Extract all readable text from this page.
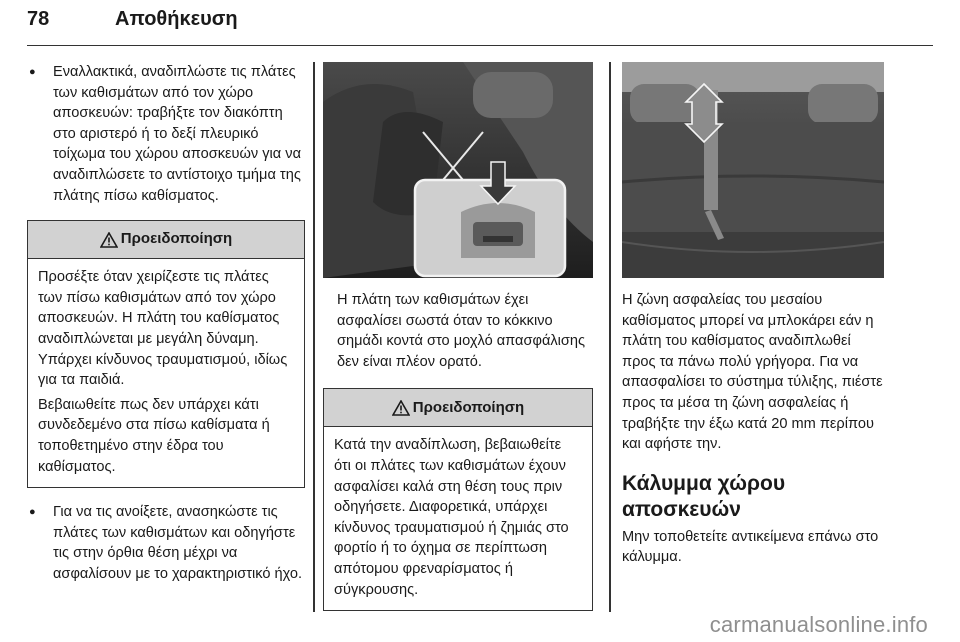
78	Αποθήκευση

● Εναλλακτικά, αναδιπλώστε τις πλάτες των καθισμάτων από τον χώρο αποσκευών: τραβήξτε τον διακόπτη στο αριστερό ή το δεξί πλευρικό τοίχωμα του χώρου αποσκευών για να αναδιπλώσετε το αντίστοιχο τμήμα της πλάτης πίσω καθίσματος.

Προειδοποίηση

Προσέξτε όταν χειρίζεστε τις πλάτες των πίσω καθισμάτων από τον χώρο αποσκευών. Η πλάτη του καθίσματος αναδιπλώνεται με μεγάλη δύναμη. Υπάρχει κίνδυνος τραυματισμού, ιδίως για τα παιδιά.

Βεβαιωθείτε πως δεν υπάρχει κάτι συνδεδεμένο στα πίσω καθίσματα ή τοποθετημένο στην έδρα του καθίσματος.

● Για να τις ανοίξετε, ανασηκώστε τις πλάτες των καθισμάτων και οδηγήστε τις στην όρθια θέση μέχρι να ασφαλίσουν με το χαρακτηριστικό ήχο.

Η πλάτη των καθισμάτων έχει ασφαλίσει σωστά όταν το κόκκινο σημάδι κοντά στο μοχλό απασφάλισης δεν είναι πλέον ορατό.

Προειδοποίηση

Κατά την αναδίπλωση, βεβαιωθείτε ότι οι πλάτες των καθισμάτων έχουν ασφαλίσει καλά στη θέση τους πριν οδηγήσετε. Διαφορετικά, υπάρχει κίνδυνος τραυματισμού ή ζημιάς στο φορτίο ή το όχημα σε περίπτωση απότομου φρεναρίσματος ή σύγκρουσης.

Η ζώνη ασφαλείας του μεσαίου καθίσματος μπορεί να μπλοκάρει εάν η πλάτη του καθίσματος αναδιπλωθεί προς τα πάνω πολύ γρήγορα. Για να απασφαλίσει το σύστημα τύλιξης, πιέστε προς τα μέσα τη ζώνη ασφαλείας ή τραβήξτε την έξω κατά 20 mm περίπου και αφήστε την.

Κάλυμμα χώρου αποσκευών

Μην τοποθετείτε αντικείμενα επάνω στο κάλυμμα.

carmanualsonline.info
